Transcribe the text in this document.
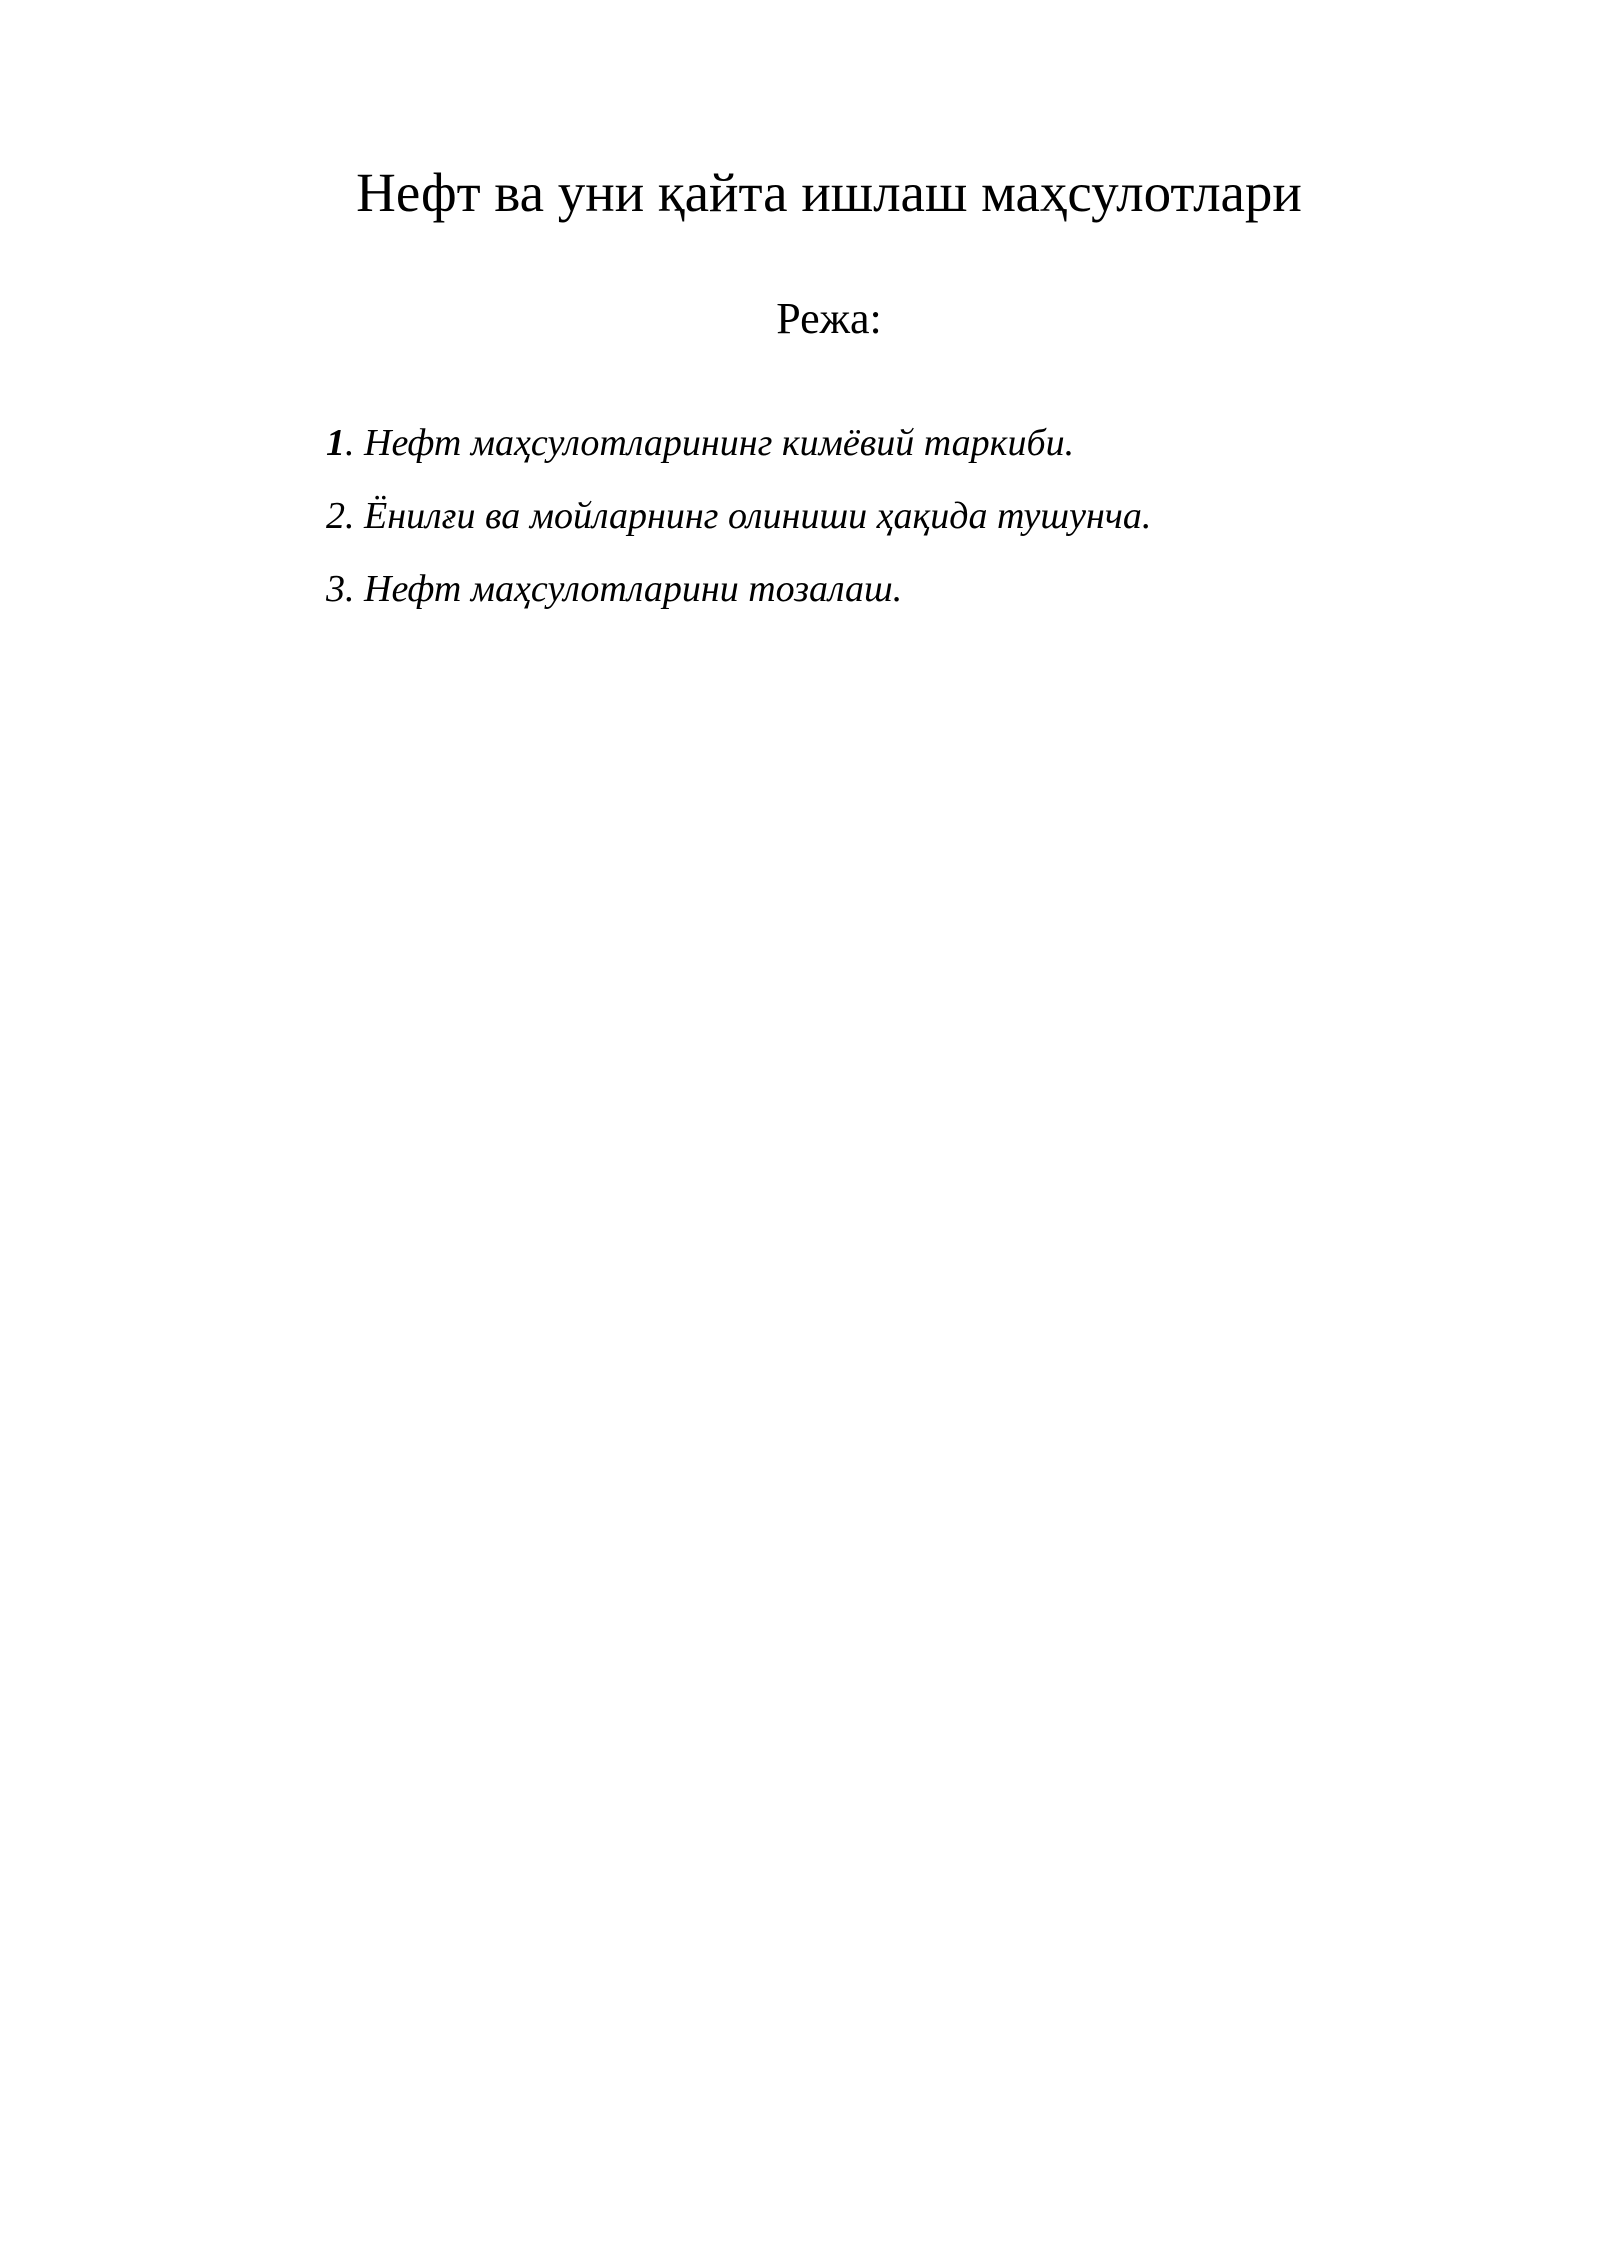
Нефт ва уни қайта ишлаш маҳсулотлари
Режа:
1. Нефт маҳсулотларининг кимёвий таркиби.
2. Ёнилғи ва мойларнинг олиниши ҳақида тушунча.
3. Нефт маҳсулотларини тозалаш.
